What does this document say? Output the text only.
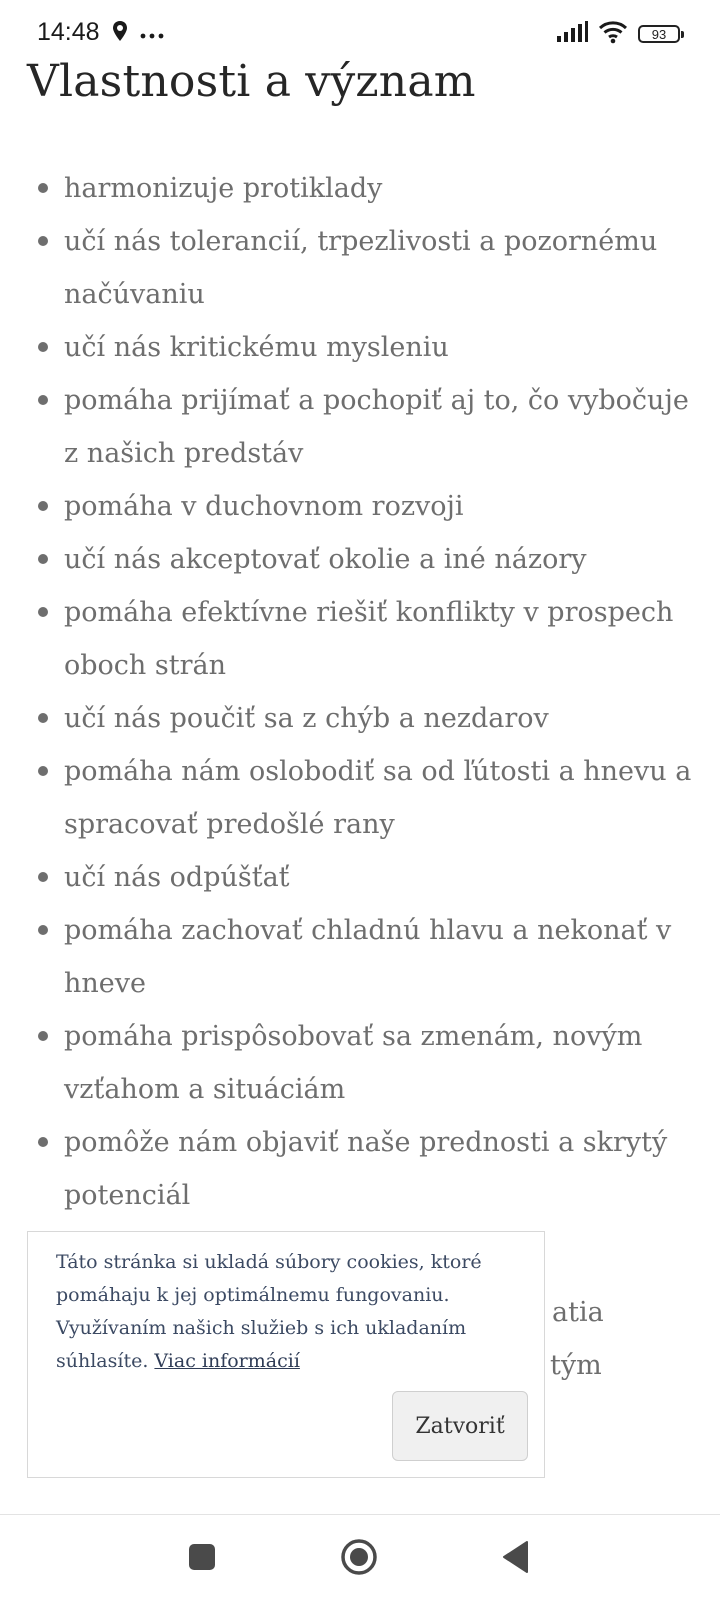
14:48	93
Vlastnosti a význam
harmonizuje protiklady
učí nás tolerancií, trpezlivosti a pozornému načúvaniu
učí nás kritickému mysleniu
pomáha prijímať a pochopiť aj to, čo vybočuje z našich predstáv
pomáha v duchovnom rozvoji
učí nás akceptovať okolie a iné názory
pomáha efektívne riešiť konflikty v prospech oboch strán
učí nás poučiť sa z chýb a nezdarov
pomáha nám oslobodiť sa od ľútosti a hnevu a spracovať predošlé rany
učí nás odpúšťať
pomáha zachovať chladnú hlavu a nekonať v hneve
pomáha prispôsobovať sa zmenám, novým vzťahom a situáciám
pomôže nám objaviť naše prednosti a skrytý potenciál
atia
tým

Táto stránka si ukladá súbory cookies, ktoré pomáhaju k jej optimálnemu fungovaniu. Využívaním našich služieb s ich ukladaním súhlasíte. Viac informácií

Zatvoriť
